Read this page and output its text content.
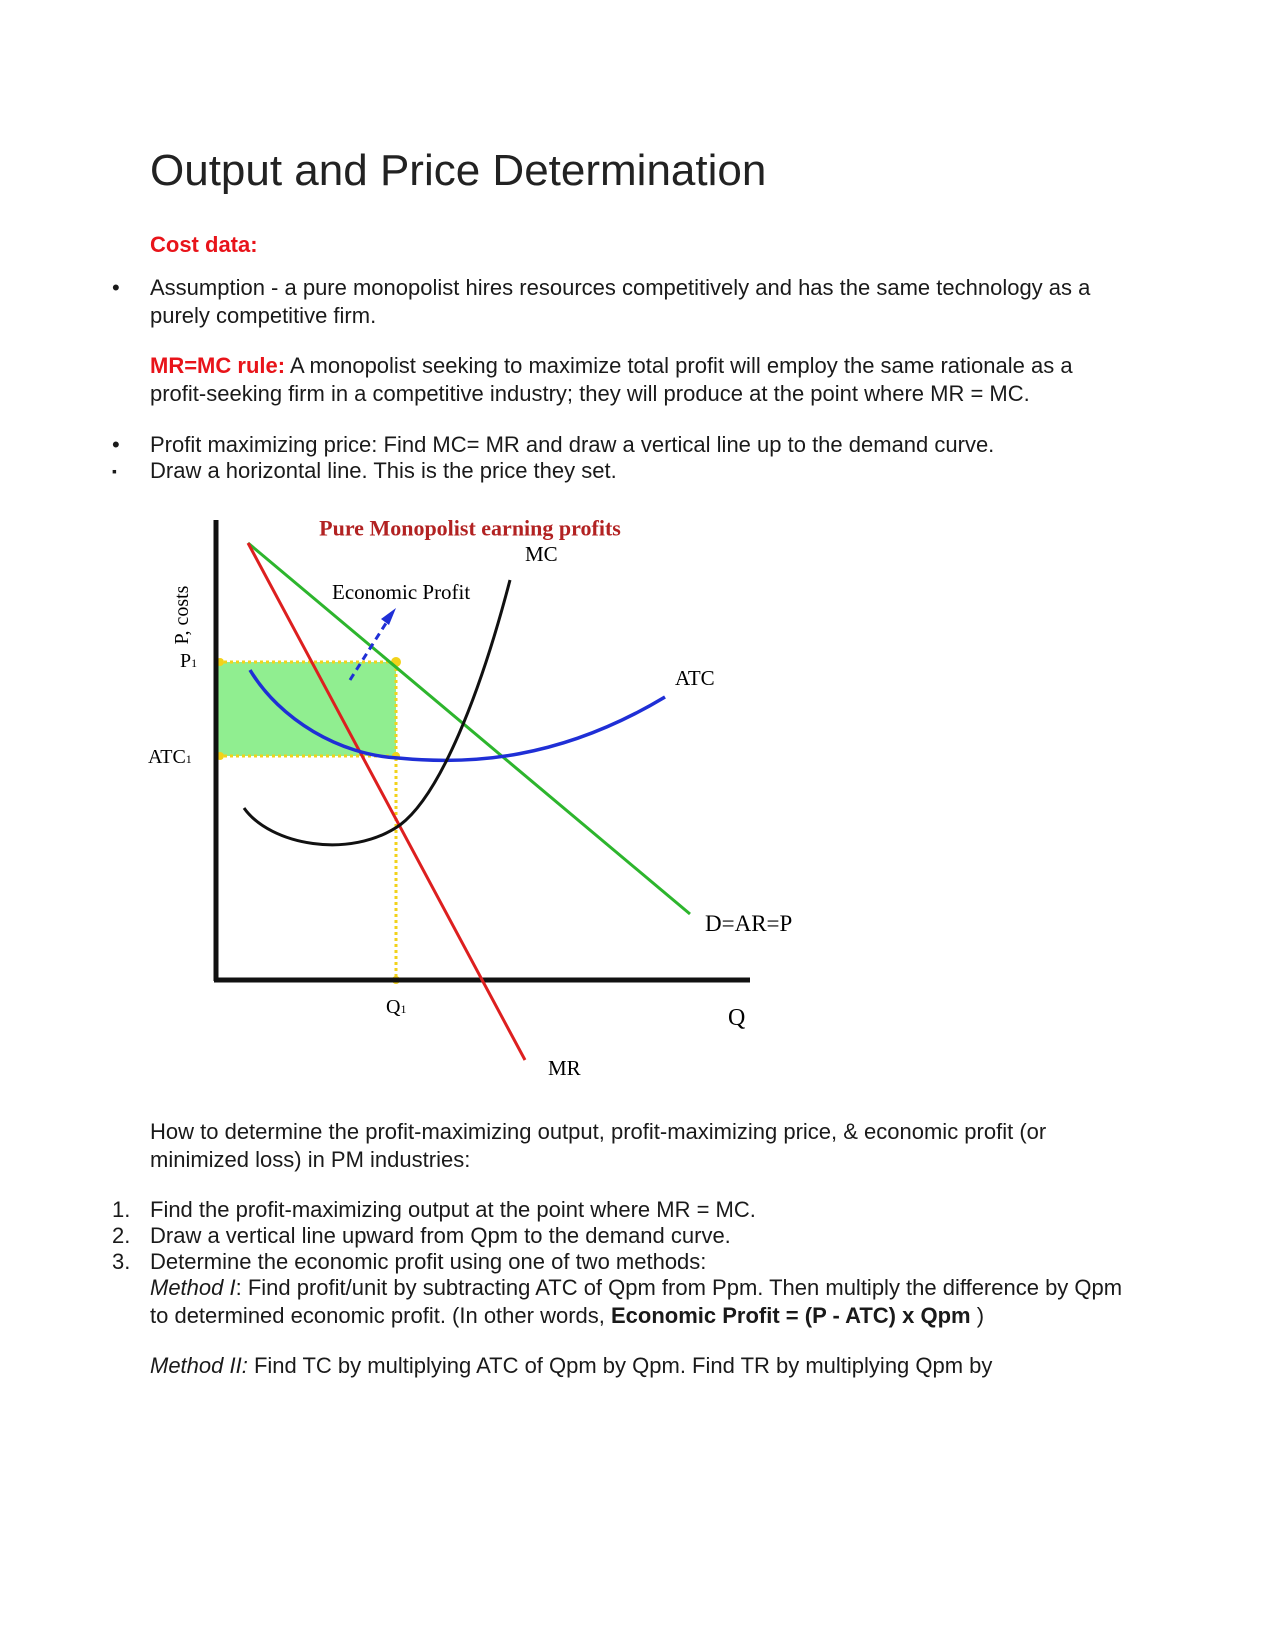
Output and Price Determination
Cost data:
• Assumption - a pure monopolist hires resources competitively and has the same technology as a purely competitive firm.

MR=MC rule: A monopolist seeking to maximize total profit will employ the same rationale as a profit-seeking firm in a competitive industry; they will produce at the point where MR = MC.

• Profit maximizing price: Find MC= MR and draw a vertical line up to the demand curve.

▪ Draw a horizontal line. This is the price they set.

Pure Monopolist earning profits
P, costs
P1
ATC1
Q1	Q
MC
ATC
D=AR=P
MR
Economic Profit

How to determine the profit-maximizing output, profit-maximizing price, & economic profit (or minimized loss) in PM industries:

1. Find the profit-maximizing output at the point where MR = MC.

2. Draw a vertical line upward from Qpm to the demand curve.

3. Determine the economic profit using one of two methods:

Method I: Find profit/unit by subtracting ATC of Qpm from Ppm. Then multiply the difference by Qpm to determined economic profit. (In other words, Economic Profit = (P - ATC) x Qpm )

Method II: Find TC by multiplying ATC of Qpm by Qpm. Find TR by multiplying Qpm by
